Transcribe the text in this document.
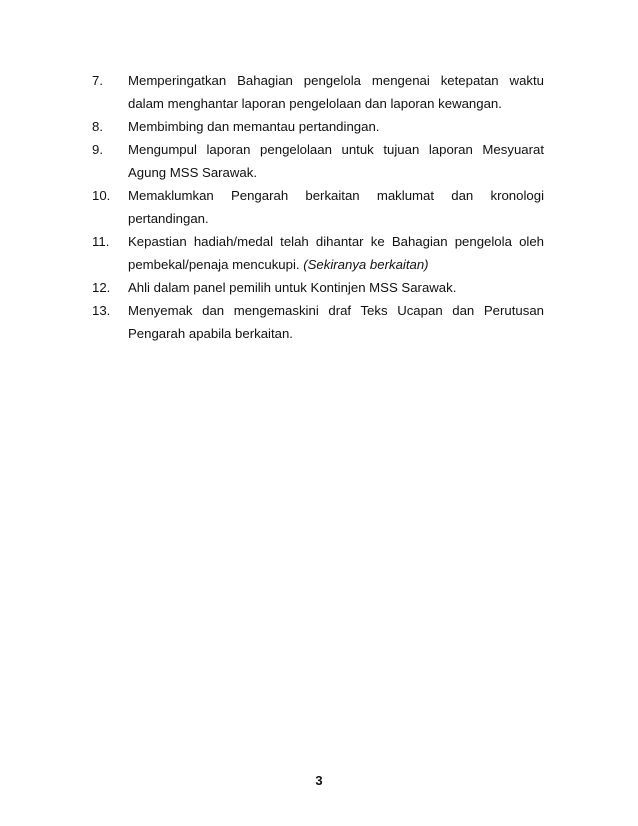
7.	Memperingatkan Bahagian pengelola mengenai ketepatan waktu dalam menghantar laporan pengelolaan dan laporan kewangan.
8.	Membimbing dan memantau pertandingan.
9.	Mengumpul laporan pengelolaan untuk tujuan laporan Mesyuarat Agung MSS Sarawak.
10.	Memaklumkan Pengarah berkaitan maklumat dan kronologi pertandingan.
11.	Kepastian hadiah/medal telah dihantar ke Bahagian pengelola oleh pembekal/penaja mencukupi. (Sekiranya berkaitan)
12.	Ahli dalam panel pemilih untuk Kontinjen MSS Sarawak.
13.	Menyemak dan mengemaskini draf Teks Ucapan dan Perutusan Pengarah apabila berkaitan.
3
